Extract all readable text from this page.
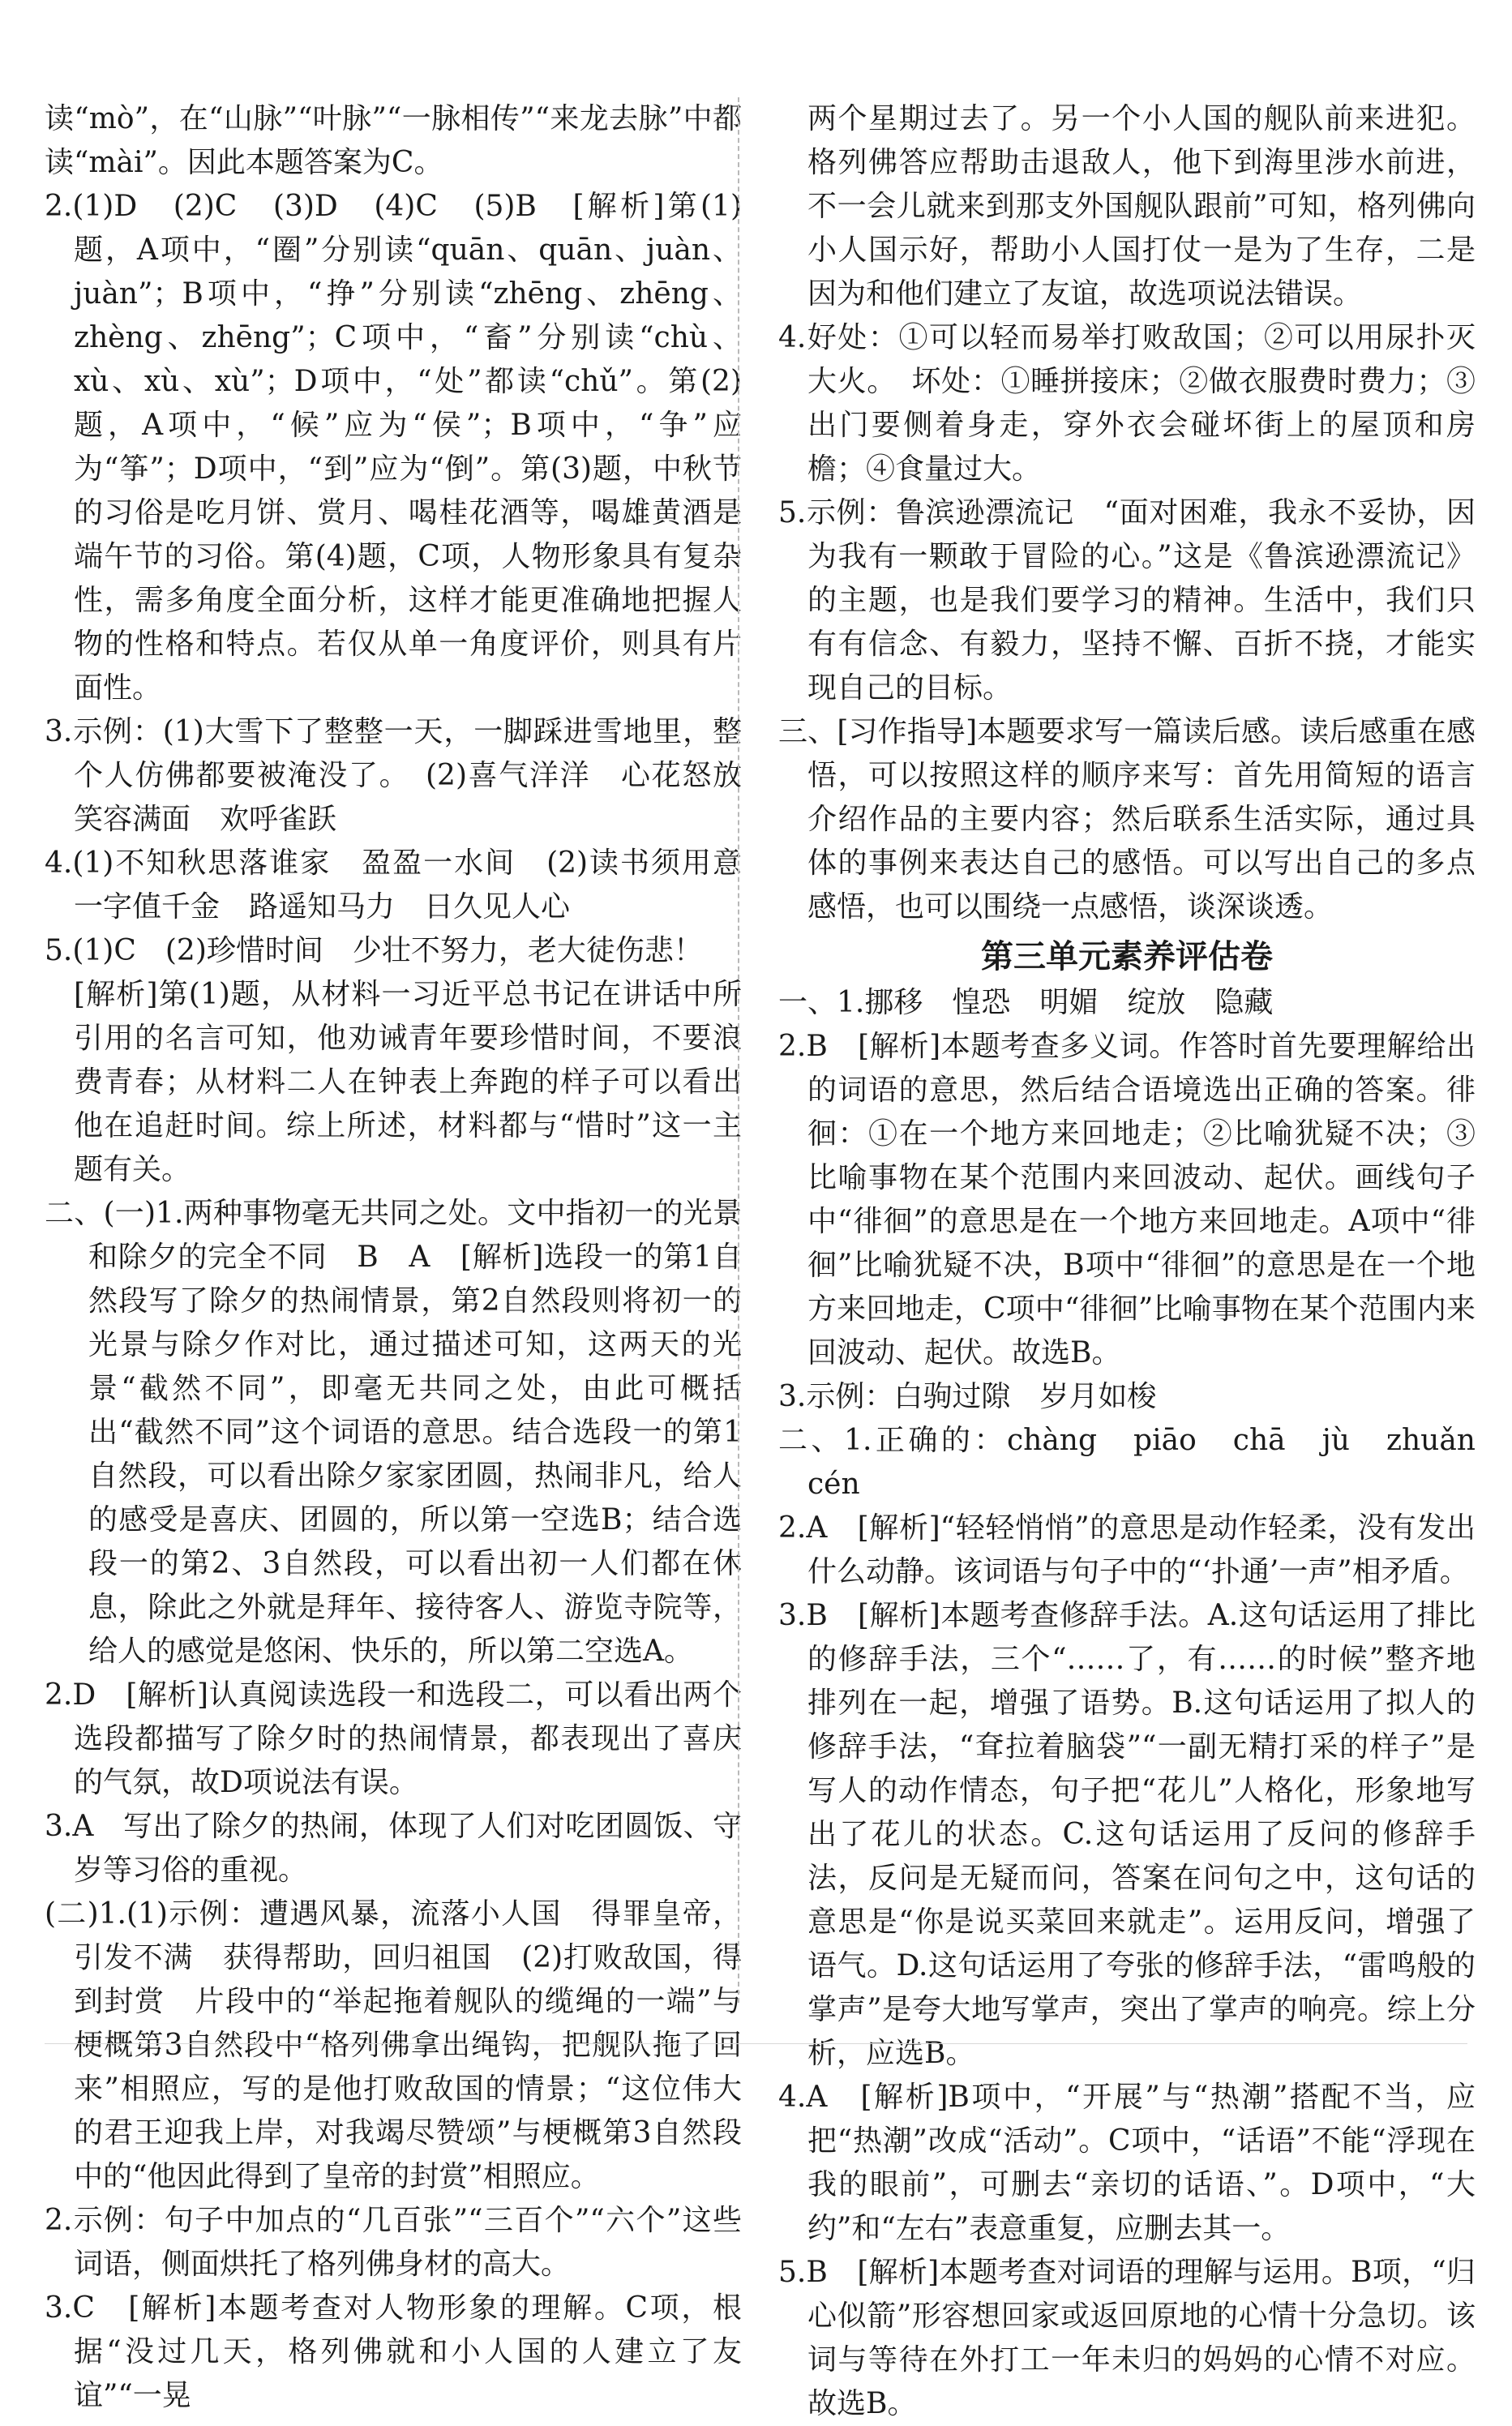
读“mò”，在“山脉”“叶脉”“一脉相传”“来龙去脉”中都读“mài”。因此本题答案为C。

2.(1)D　(2)C　(3)D　(4)C　(5)B　[解析]第(1)题，A项中，“圈”分别读“quān、quān、juàn、juàn”；B项中，“挣”分别读“zhēng、zhēng、zhèng、zhēng”；C项中，“畜”分别读“chù、xù、xù、xù”；D项中，“处”都读“chǔ”。第(2)题，A项中，“候”应为“侯”；B项中，“争”应为“筝”；D项中，“到”应为“倒”。第(3)题，中秋节的习俗是吃月饼、赏月、喝桂花酒等，喝雄黄酒是端午节的习俗。第(4)题，C项，人物形象具有复杂性，需多角度全面分析，这样才能更准确地把握人物的性格和特点。若仅从单一角度评价，则具有片面性。

3.示例：(1)大雪下了整整一天，一脚踩进雪地里，整个人仿佛都要被淹没了。　(2)喜气洋洋　心花怒放　笑容满面　欢呼雀跃

4.(1)不知秋思落谁家　盈盈一水间　(2)读书须用意　一字值千金　路遥知马力　日久见人心

5.(1)C　(2)珍惜时间　少壮不努力，老大徒伤悲！

[解析]第(1)题，从材料一习近平总书记在讲话中所引用的名言可知，他劝诫青年要珍惜时间，不要浪费青春；从材料二人在钟表上奔跑的样子可以看出他在追赶时间。综上所述，材料都与“惜时”这一主题有关。

二、(一)1.两种事物毫无共同之处。文中指初一的光景和除夕的完全不同　B　A　[解析]选段一的第1自然段写了除夕的热闹情景，第2自然段则将初一的光景与除夕作对比，通过描述可知，这两天的光景“截然不同”，即毫无共同之处，由此可概括出“截然不同”这个词语的意思。结合选段一的第1自然段，可以看出除夕家家团圆，热闹非凡，给人的感受是喜庆、团圆的，所以第一空选B；结合选段一的第2、3自然段，可以看出初一人们都在休息，除此之外就是拜年、接待客人、游览寺院等，给人的感觉是悠闲、快乐的，所以第二空选A。

2.D　[解析]认真阅读选段一和选段二，可以看出两个选段都描写了除夕时的热闹情景，都表现出了喜庆的气氛，故D项说法有误。

3.A　写出了除夕的热闹，体现了人们对吃团圆饭、守岁等习俗的重视。

(二)1.(1)示例：遭遇风暴，流落小人国　得罪皇帝，引发不满　获得帮助，回归祖国　(2)打败敌国，得到封赏　片段中的“举起拖着舰队的缆绳的一端”与梗概第3自然段中“格列佛拿出绳钩，把舰队拖了回来”相照应，写的是他打败敌国的情景；“这位伟大的君王迎我上岸，对我竭尽赞颂”与梗概第3自然段中的“他因此得到了皇帝的封赏”相照应。

2.示例：句子中加点的“几百张”“三百个”“六个”这些词语，侧面烘托了格列佛身材的高大。

3.C　[解析]本题考查对人物形象的理解。C项，根据“没过几天，格列佛就和小人国的人建立了友谊”“一晃

两个星期过去了。另一个小人国的舰队前来进犯。格列佛答应帮助击退敌人，他下到海里涉水前进，不一会儿就来到那支外国舰队跟前”可知，格列佛向小人国示好，帮助小人国打仗一是为了生存，二是因为和他们建立了友谊，故选项说法错误。

4.好处：①可以轻而易举打败敌国；②可以用尿扑灭大火。　坏处：①睡拼接床；②做衣服费时费力；③出门要侧着身走，穿外衣会碰坏街上的屋顶和房檐；④食量过大。

5.示例：鲁滨逊漂流记　“面对困难，我永不妥协，因为我有一颗敢于冒险的心。”这是《鲁滨逊漂流记》的主题，也是我们要学习的精神。生活中，我们只有有信念、有毅力，坚持不懈、百折不挠，才能实现自己的目标。

三、[习作指导]本题要求写一篇读后感。读后感重在感悟，可以按照这样的顺序来写：首先用简短的语言介绍作品的主要内容；然后联系生活实际，通过具体的事例来表达自己的感悟。可以写出自己的多点感悟，也可以围绕一点感悟，谈深谈透。

第三单元素养评估卷

一、1.挪移　惶恐　明媚　绽放　隐藏

2.B　[解析]本题考查多义词。作答时首先要理解给出的词语的意思，然后结合语境选出正确的答案。徘徊：①在一个地方来回地走；②比喻犹疑不决；③比喻事物在某个范围内来回波动、起伏。画线句子中“徘徊”的意思是在一个地方来回地走。A项中“徘徊”比喻犹疑不决，B项中“徘徊”的意思是在一个地方来回地走，C项中“徘徊”比喻事物在某个范围内来回波动、起伏。故选B。

3.示例：白驹过隙　岁月如梭

二、1.正确的：chàng　piāo　chā　jù　zhuǎn　cén

2.A　[解析]“轻轻悄悄”的意思是动作轻柔，没有发出什么动静。该词语与句子中的“‘扑通’一声”相矛盾。

3.B　[解析]本题考查修辞手法。A.这句话运用了排比的修辞手法，三个“……了，有……的时候”整齐地排列在一起，增强了语势。B.这句话运用了拟人的修辞手法，“耷拉着脑袋”“一副无精打采的样子”是写人的动作情态，句子把“花儿”人格化，形象地写出了花儿的状态。C.这句话运用了反问的修辞手法，反问是无疑而问，答案在问句之中，这句话的意思是“你是说买菜回来就走”。运用反问，增强了语气。D.这句话运用了夸张的修辞手法，“雷鸣般的掌声”是夸大地写掌声，突出了掌声的响亮。综上分析，应选B。

4.A　[解析]B项中，“开展”与“热潮”搭配不当，应把“热潮”改成“活动”。C项中，“话语”不能“浮现在我的眼前”，可删去“亲切的话语、”。D项中，“大约”和“左右”表意重复，应删去其一。

5.B　[解析]本题考查对词语的理解与运用。B项，“归心似箭”形容想回家或返回原地的心情十分急切。该词与等待在外打工一年未归的妈妈的心情不对应。故选B。
